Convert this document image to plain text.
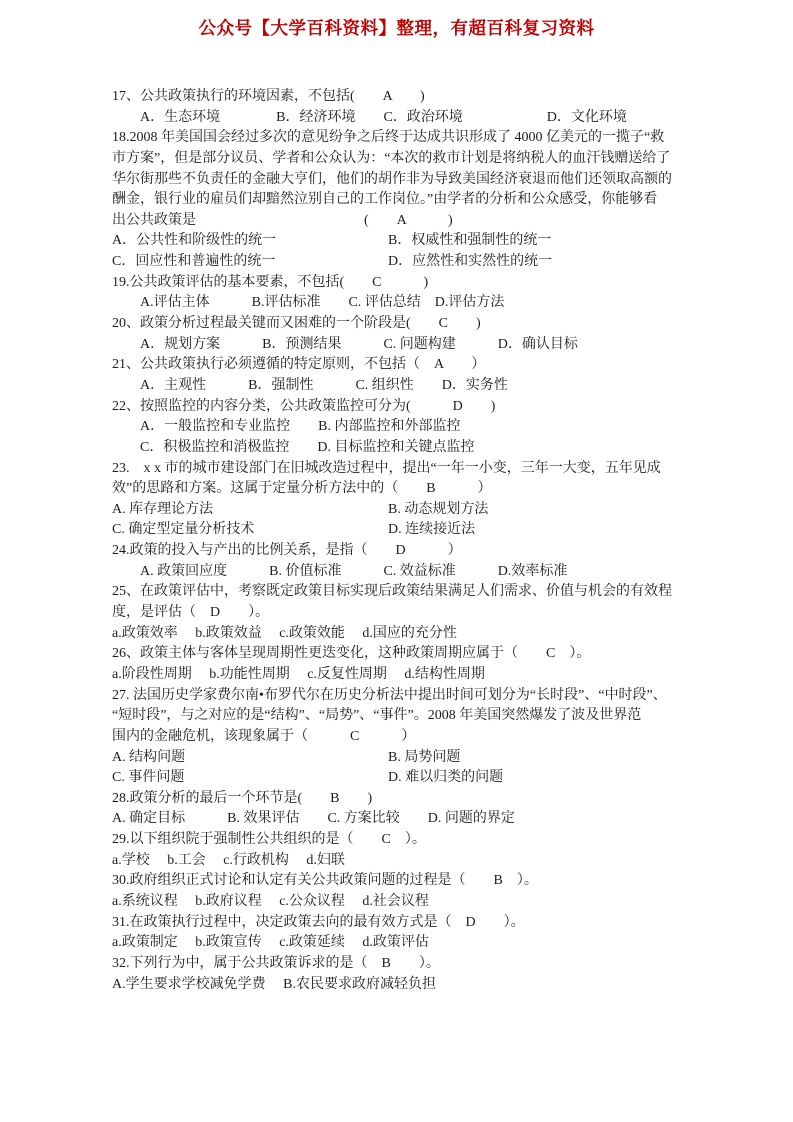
公众号【大学百科资料】整理，有超百科复习资料
17、公共政策执行的环境因素，不包括(　　A　　)
A．生态环境　　　　B．经济环境　　C．政治环境　　　　　　D．文化环境
18.2008 年美国国会经过多次的意见纷争之后终于达成共识形成了 4000 亿美元的一揽子“救
市方案”，但是部分议员、学者和公众认为：“本次的救市计划是将纳税人的血汗钱赠送给了
华尔街那些不负责任的金融大亨们，他们的胡作非为导致美国经济衰退而他们还领取高额的
酬金，银行业的雇员们却黯然泣别自己的工作岗位。”由学者的分析和公众感受，你能够看
出公共政策是　　　　　　　　　　　　(　　A　　　)
A．公共性和阶级性的统一	B．权威性和强制性的统一
C．回应性和普遍性的统一	D．应然性和实然性的统一
19.公共政策评估的基本要素，不包括(　　C　　　)
A.评估主体　　　B.评估标准　　C. 评估总结　D.评估方法
20、政策分析过程最关键而又困难的一个阶段是(　　C　　)
A．规划方案　　　B．预测结果　　　C. 问题构建　　　D．确认目标
21、公共政策执行必须遵循的特定原则，不包括（　A　　）
A．主观性　　　B．强制性　　　C. 组织性　　D．实务性
22、按照监控的内容分类，公共政策监控可分为(　　　D　　)
A．一般监控和专业监控　　B. 内部监控和外部监控
C．积极监控和消极监控　　D. 目标监控和关键点监控
23.　x x 市的城市建设部门在旧城改造过程中，提出“一年一小变，三年一大变，五年见成
效”的思路和方案。这属于定量分析方法中的（　　B　　　）
A. 库存理论方法	B. 动态规划方法
C. 确定型定量分析技术	D. 连续接近法
24.政策的投入与产出的比例关系，是指（　　D　　　）
A. 政策回应度　　　B. 价值标准　　　C. 效益标准　　　D.效率标准
25、在政策评估中，考察既定政策目标实现后政策结果满足人们需求、价值与机会的有效程
度，是评估（　D　　）。
a.政策效率　 b.政策效益　 c.政策效能　 d.国应的充分性
26、政策主体与客体呈现周期性更迭变化，这种政策周期应属于（　　C　）。
a.阶段性周期　 b.功能性周期　 c.反复性周期　 d.结构性周期
27. 法国历史学家费尔南•布罗代尔在历史分析法中提出时间可划分为“长时段”、“中时段”、
“短时段”，与之对应的是“结构”、“局势”、“事件”。2008 年美国突然爆发了波及世界范
围内的金融危机，该现象属于（　　　C　　　）
A. 结构问题	B. 局势问题
C. 事件问题	D. 难以归类的问题
28.政策分析的最后一个环节是(　　B　　)
A. 确定目标　　　B. 效果评估　　C. 方案比较　　D. 问题的界定
29.以下组织院于强制性公共组织的是（　　C　）。
a.学校　 b.工会　 c.行政机构　 d.妇联
30.政府组织正式讨论和认定有关公共政策问题的过程是（　　B　）。
a.系统议程　 b.政府议程　 c.公众议程　 d.社会议程
31.在政策执行过程中，决定政策去向的最有效方式是（　D　　）。
a.政策制定　 b.政策宣传　 c.政策延续　 d.政策评估
32.下列行为中，属于公共政策诉求的是（　B　　）。
A.学生要求学校减免学费　 B.农民要求政府减轻负担
